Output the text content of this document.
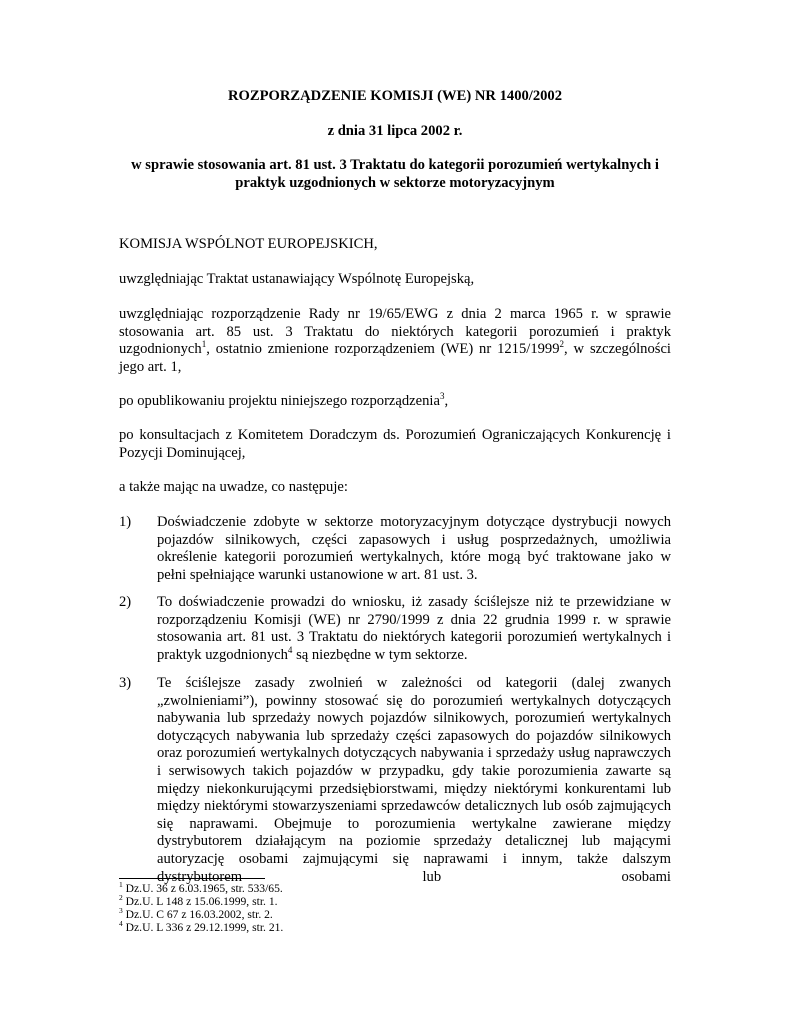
ROZPORZĄDZENIE KOMISJI (WE) NR 1400/2002
z dnia 31 lipca 2002 r.
w sprawie stosowania art. 81 ust. 3 Traktatu do kategorii porozumień wertykalnych i
praktyk uzgodnionych w sektorze motoryzacyjnym
KOMISJA WSPÓLNOT EUROPEJSKICH,
uwzględniając Traktat ustanawiający Wspólnotę Europejską,
uwzględniając rozporządzenie Rady nr 19/65/EWG z dnia 2 marca 1965 r. w sprawie stosowania art. 85 ust. 3 Traktatu do niektórych kategorii porozumień i praktyk uzgodnionych$^1$, ostatnio zmienione rozporządzeniem (WE) nr 1215/1999$^2$, w szczególności jego art. 1,
po opublikowaniu projektu niniejszego rozporządzenia$^3$,
po konsultacjach z Komitetem Doradczym ds. Porozumień Ograniczających Konkurencję i Pozycji Dominującej,
a także mając na uwadze, co następuje:
1)	Doświadczenie zdobyte w sektorze motoryzacyjnym dotyczące dystrybucji nowych pojazdów silnikowych, części zapasowych i usług posprzedażnych, umożliwia określenie kategorii porozumień wertykalnych, które mogą być traktowane jako w pełni spełniające warunki ustanowione w art. 81 ust. 3.
2)	To doświadczenie prowadzi do wniosku, iż zasady ściślejsze niż te przewidziane w rozporządzeniu Komisji (WE) nr 2790/1999 z dnia 22 grudnia 1999 r. w sprawie stosowania art. 81 ust. 3 Traktatu do niektórych kategorii porozumień wertykalnych i praktyk uzgodnionych$^4$ są niezbędne w tym sektorze.
3)	Te ściślejsze zasady zwolnień w zależności od kategorii (dalej zwanych „zwolnieniami”), powinny stosować się do porozumień wertykalnych dotyczących nabywania lub sprzedaży nowych pojazdów silnikowych, porozumień wertykalnych dotyczących nabywania lub sprzedaży części zapasowych do pojazdów silnikowych oraz porozumień wertykalnych dotyczących nabywania i sprzedaży usług naprawczych i serwisowych takich pojazdów w przypadku, gdy takie porozumienia zawarte są między niekonkurującymi przedsiębiorstwami, między niektórymi konkurentami lub między niektórymi stowarzyszeniami sprzedawców detalicznych lub osób zajmujących się naprawami. Obejmuje to porozumienia wertykalne zawierane między dystrybutorem działającym na poziomie sprzedaży detalicznej lub mającymi autoryzację osobami zajmującymi się naprawami i innym, także dalszym dystrybutorem lub osobami
$^1$ Dz.U. 36 z 6.03.1965, str. 533/65.
$^2$ Dz.U. L 148 z 15.06.1999, str. 1.
$^3$ Dz.U. C 67 z 16.03.2002, str. 2.
$^4$ Dz.U. L 336 z 29.12.1999, str. 21.
